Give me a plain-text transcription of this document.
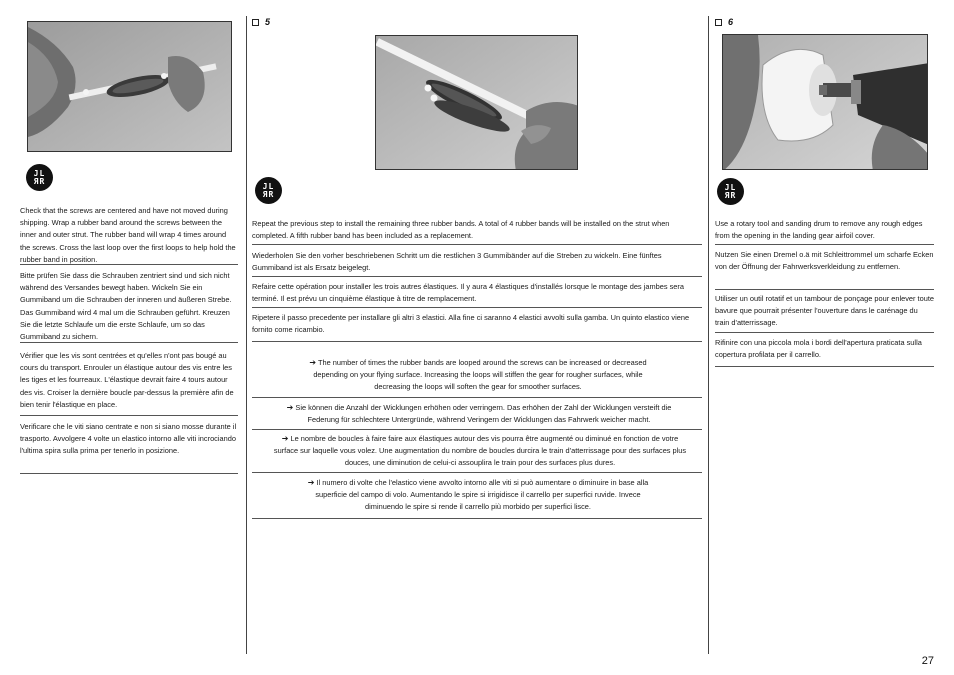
JL
ЯR

Check that the screws are centered and have not moved during shipping. Wrap a rubber band around the screws between the inner and outer strut. The rubber band will wrap 4 times around the screws. Cross the last loop over the first loops to help hold the rubber band in position.

Bitte prüfen Sie dass die Schrauben zentriert sind und sich nicht während des Versandes bewegt haben. Wickeln Sie ein Gummiband um die Schrauben der inneren und äußeren Strebe. Das Gummiband wird 4 mal um die Schrauben geführt. Kreuzen Sie die letzte Schlaufe um die erste Schlaufe, um so das Gummiband zu sichern.

Vérifier que les vis sont centrées et qu'elles n'ont pas bougé au cours du transport. Enrouler un élastique autour des vis entre les les tiges et les fourreaux. L'élastique devrait faire 4 tours autour des vis. Croiser la dernière boucle par-dessus la première afin de bien tenir l'élastique en place.

Verificare che le viti siano centrate e non si siano mosse durante il trasporto. Avvolgere 4 volte un elastico intorno alle viti incrociando l'ultima spira sulla prima per tenerlo in posizione.

5
JL
ЯR

Repeat the previous step to install the remaining three rubber bands. A total of 4 rubber bands will be installed on the strut when completed. A fifth rubber band has been included as a replacement.

Wiederholen Sie den vorher beschriebenen Schritt um die restlichen 3 Gummibänder auf die Streben zu wickeln. Eine fünftes Gummiband ist als Ersatz beigelegt.

Refaire cette opération pour installer les trois autres élastiques. Il y aura 4 élastiques d'installés lorsque le montage des jambes sera terminé. Il est prévu un cinquième élastique à titre de remplacement.

Ripetere il passo precedente per installare gli altri 3 elastici. Alla fine ci saranno 4 elastici avvolti sulla gamba. Un quinto elastico viene fornito come ricambio.

➔ The number of times the rubber bands are looped around the screws can be increased or decreased depending on your flying surface. Increasing the loops will stiffen the gear for rougher surfaces, while decreasing the loops will soften the gear for smoother surfaces.
➔ Sie können die Anzahl der Wicklungen erhöhen oder verringern. Das erhöhen der Zahl der Wicklungen versteift die Federung für schlechtere Untergründe, während Veringern der Wicklungen das Fahrwerk weicher macht.
➔ Le nombre de boucles à faire faire aux élastiques autour des vis pourra être augmenté ou diminué en fonction de votre surface sur laquelle vous volez. Une augmentation du nombre de boucles durcira le train d'atterrissage pour des surfaces plus douces, une diminution de celui-ci assouplira le train pour des surfaces plus dures.
➔ Il numero di volte che l'elastico viene avvolto intorno alle viti si può aumentare o diminuire in base alla superficie del campo di volo. Aumentando le spire si irrigidisce il carrello per superfici ruvide. Invece diminuendo le spire si rende il carrello più morbido per superfici lisce.
6
JL
ЯR

Use a rotary tool and sanding drum to remove any rough edges from the opening in the landing gear airfoil cover.

Nutzen Sie einen Dremel o.ä mit Schleittrommel um scharfe Ecken von der Öffnung der Fahrwerksverkleidung zu entfernen.

Utiliser un outil rotatif et un tambour de ponçage pour enlever toute bavure que pourrait présenter l'ouverture dans le carénage du train d'atterrissage.

Rifinire con una piccola mola i bordi dell'apertura praticata sulla copertura profilata per il carrello.

27
